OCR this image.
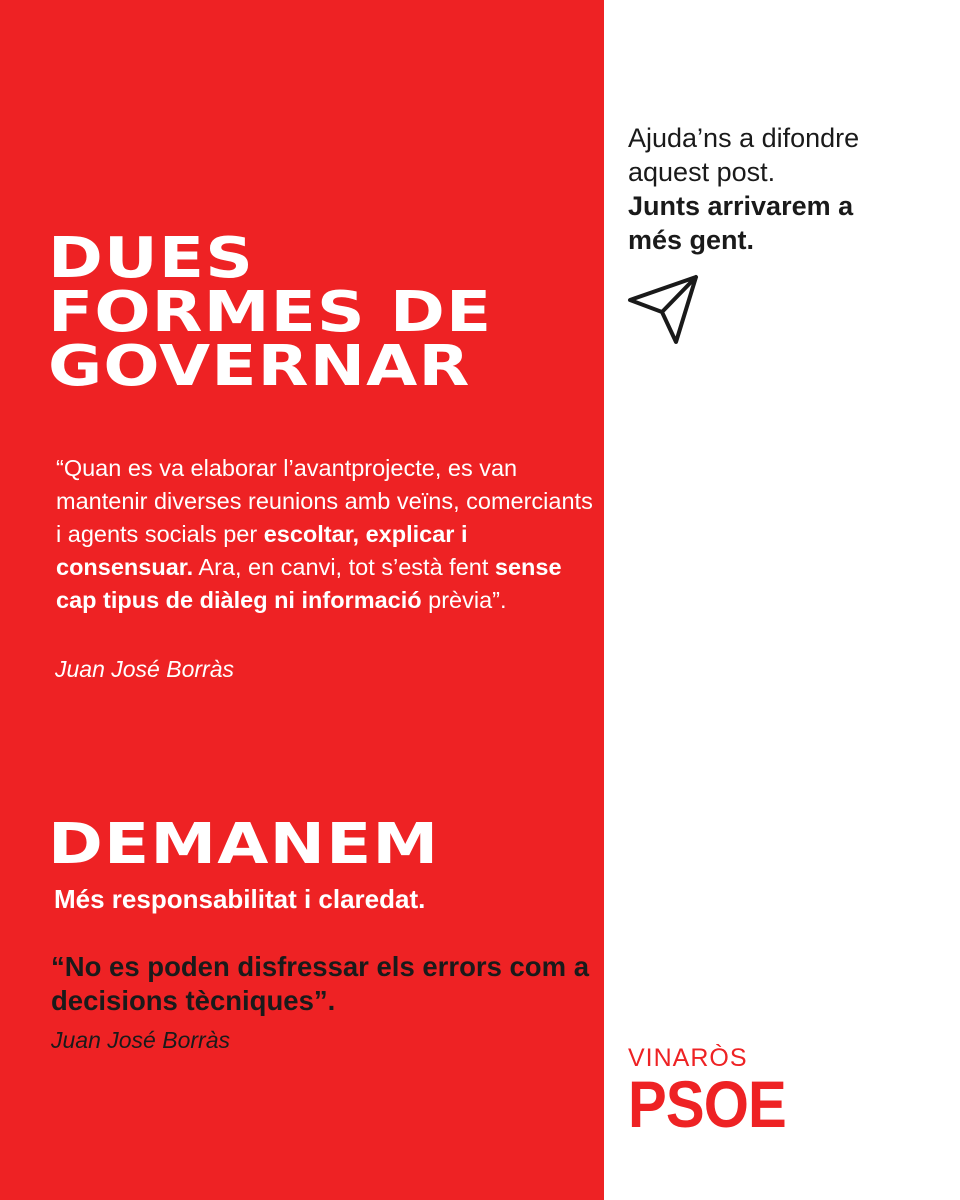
DUES
FORMES DE
GOVERNAR

“Quan es va elaborar l’avantprojecte, es van mantenir diverses reunions amb veïns, comerciants i agents socials per escoltar, explicar i consensuar. Ara, en canvi, tot s’està fent sense cap tipus de diàleg ni informació prèvia”.

Juan José Borràs

DEMANEM

Més responsabilitat i claredat.

“No es poden disfressar els errors com a decisions tècniques”.

Juan José Borràs

Ajuda’ns a difondre
aquest post.
Junts arrivarem a
més gent.
VINARÒS
PSOE
